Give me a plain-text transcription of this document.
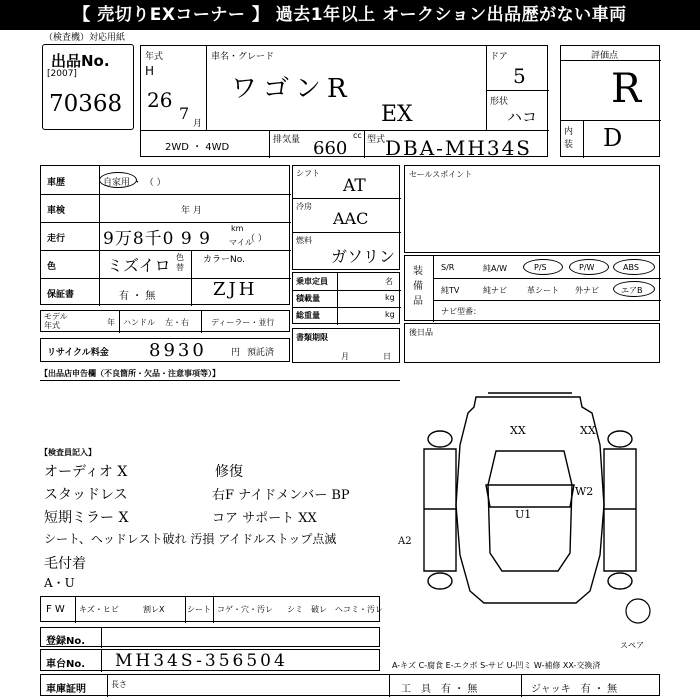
【 売切りEXコーナー 】 過去1年以上 オークション出品歴がない車両
（検査機）対応用紙
出品No.
[2007]
70368
年式
H
26
7
月
車名・グレード
ワゴンR
EX
ドア
5
形状
ハコ
2WD ・ 4WD
排気量	cc
660 型式 DBA-MH34S
評価点
R
内装 D
車歴	自家用 ・ （ ）
車検	年 月
走行 9万8千0 9 9
km
マイル
（ ）
色	ミズイロ 色替
カラーNo.
保証書	有 ・ 無	ZJH
モデル年式	年 ハンドル 左・右	ディーラー・並行
リサイクル料金 8930	円 預託済
シフト
AT
冷房
AAC
燃料
ガソリン
乗車定員	名
積載量	kg
総重量	kg
書類期限
月	日
セールスポイント
装備品
S/R	純A/W	P/S	P/W	ABS
純TV	純ナビ	革シート 外ナビ	エアB
ナビ型番：
後日品
【出品店申告欄（不良箇所・欠品・注意事項等）】
【検査員記入】
オーディオ X
スタッドレス
短期ミラー X
修復
右F ナイドメンバー BP
コア サポート XX
シート、ヘッドレスト破れ 汚損 アイドルストップ点滅
毛付着
A・U
XX	XX
W2
U1
A2
スペア
F W キズ・ヒビ	割レX	シート コゲ・穴・汚レ シミ 破レ ヘコ ミ・汚レ
登録No.
車台No. MH34S-356504	A-キズ C-腐食 E-エクボ S-サビ U-凹ミ W-補修 XX-交換済
車庫証明	長さ	工　具　有 ・ 無	ジャッキ　有 ・ 無
